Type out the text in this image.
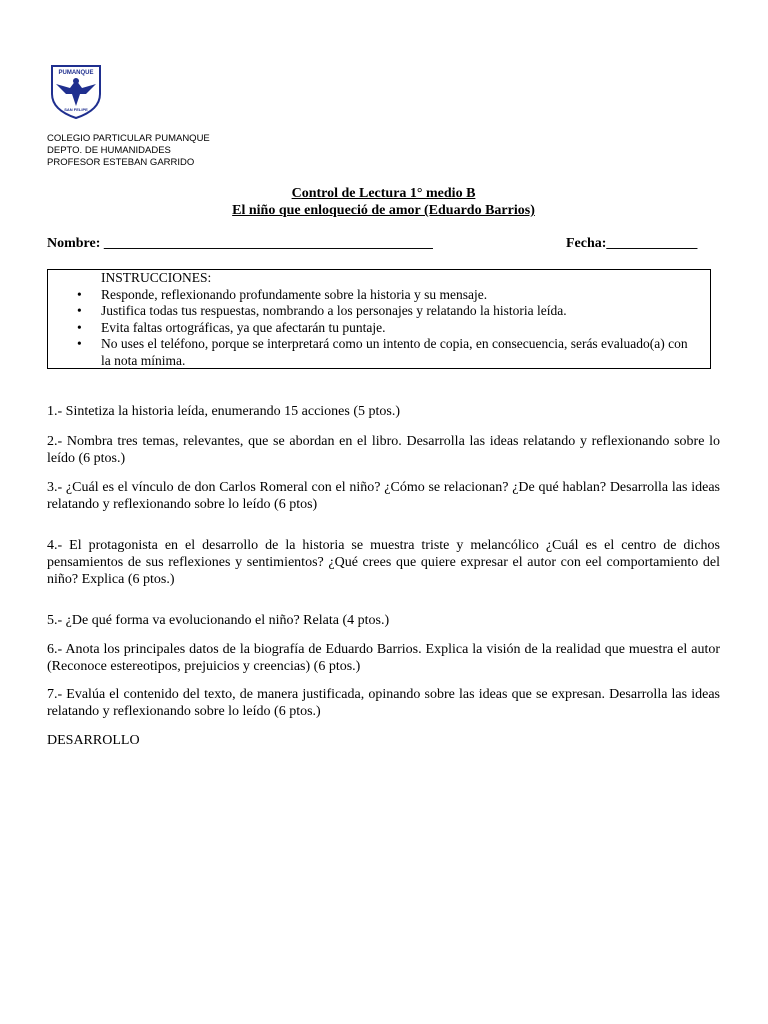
PUMANQUE
SAN FELIPE
COLEGIO PARTICULAR PUMANQUE
DEPTO. DE HUMANIDADES
PROFESOR ESTEBAN GARRIDO
Control de Lectura 1° medio B
El niño que enloqueció de amor (Eduardo Barrios)
Nombre: _______________________________________________	Fecha:_____________
INSTRUCCIONES:
• Responde, reflexionando profundamente sobre la historia y su mensaje.
• Justifica todas tus respuestas, nombrando a los personajes y relatando la historia leída.
• Evita faltas ortográficas, ya que afectarán tu puntaje.
• No uses el teléfono, porque se interpretará como un intento de copia, en consecuencia, serás evaluado(a) con la nota mínima.
1.- Sintetiza la historia leída, enumerando 15 acciones (5 ptos.)
2.- Nombra tres temas, relevantes, que se abordan en el libro. Desarrolla las ideas relatando y reflexionando sobre lo leído (6 ptos.)
3.- ¿Cuál es el vínculo de don Carlos Romeral con el niño? ¿Cómo se relacionan? ¿De qué hablan? Desarrolla las ideas relatando y reflexionando sobre lo leído (6 ptos)
4.- El protagonista en el desarrollo de la historia se muestra triste y melancólico ¿Cuál es el centro de dichos pensamientos de sus reflexiones y sentimientos? ¿Qué crees que quiere expresar el autor con eel comportamiento del niño? Explica (6 ptos.)
5.- ¿De qué forma va evolucionando el niño? Relata (4 ptos.)
6.- Anota los principales datos de la biografía de Eduardo Barrios. Explica la visión de la realidad que muestra el autor (Reconoce estereotipos, prejuicios y creencias) (6 ptos.)
7.- Evalúa el contenido del texto, de manera justificada, opinando sobre las ideas que se expresan. Desarrolla las ideas relatando y reflexionando sobre lo leído (6 ptos.)
DESARROLLO
